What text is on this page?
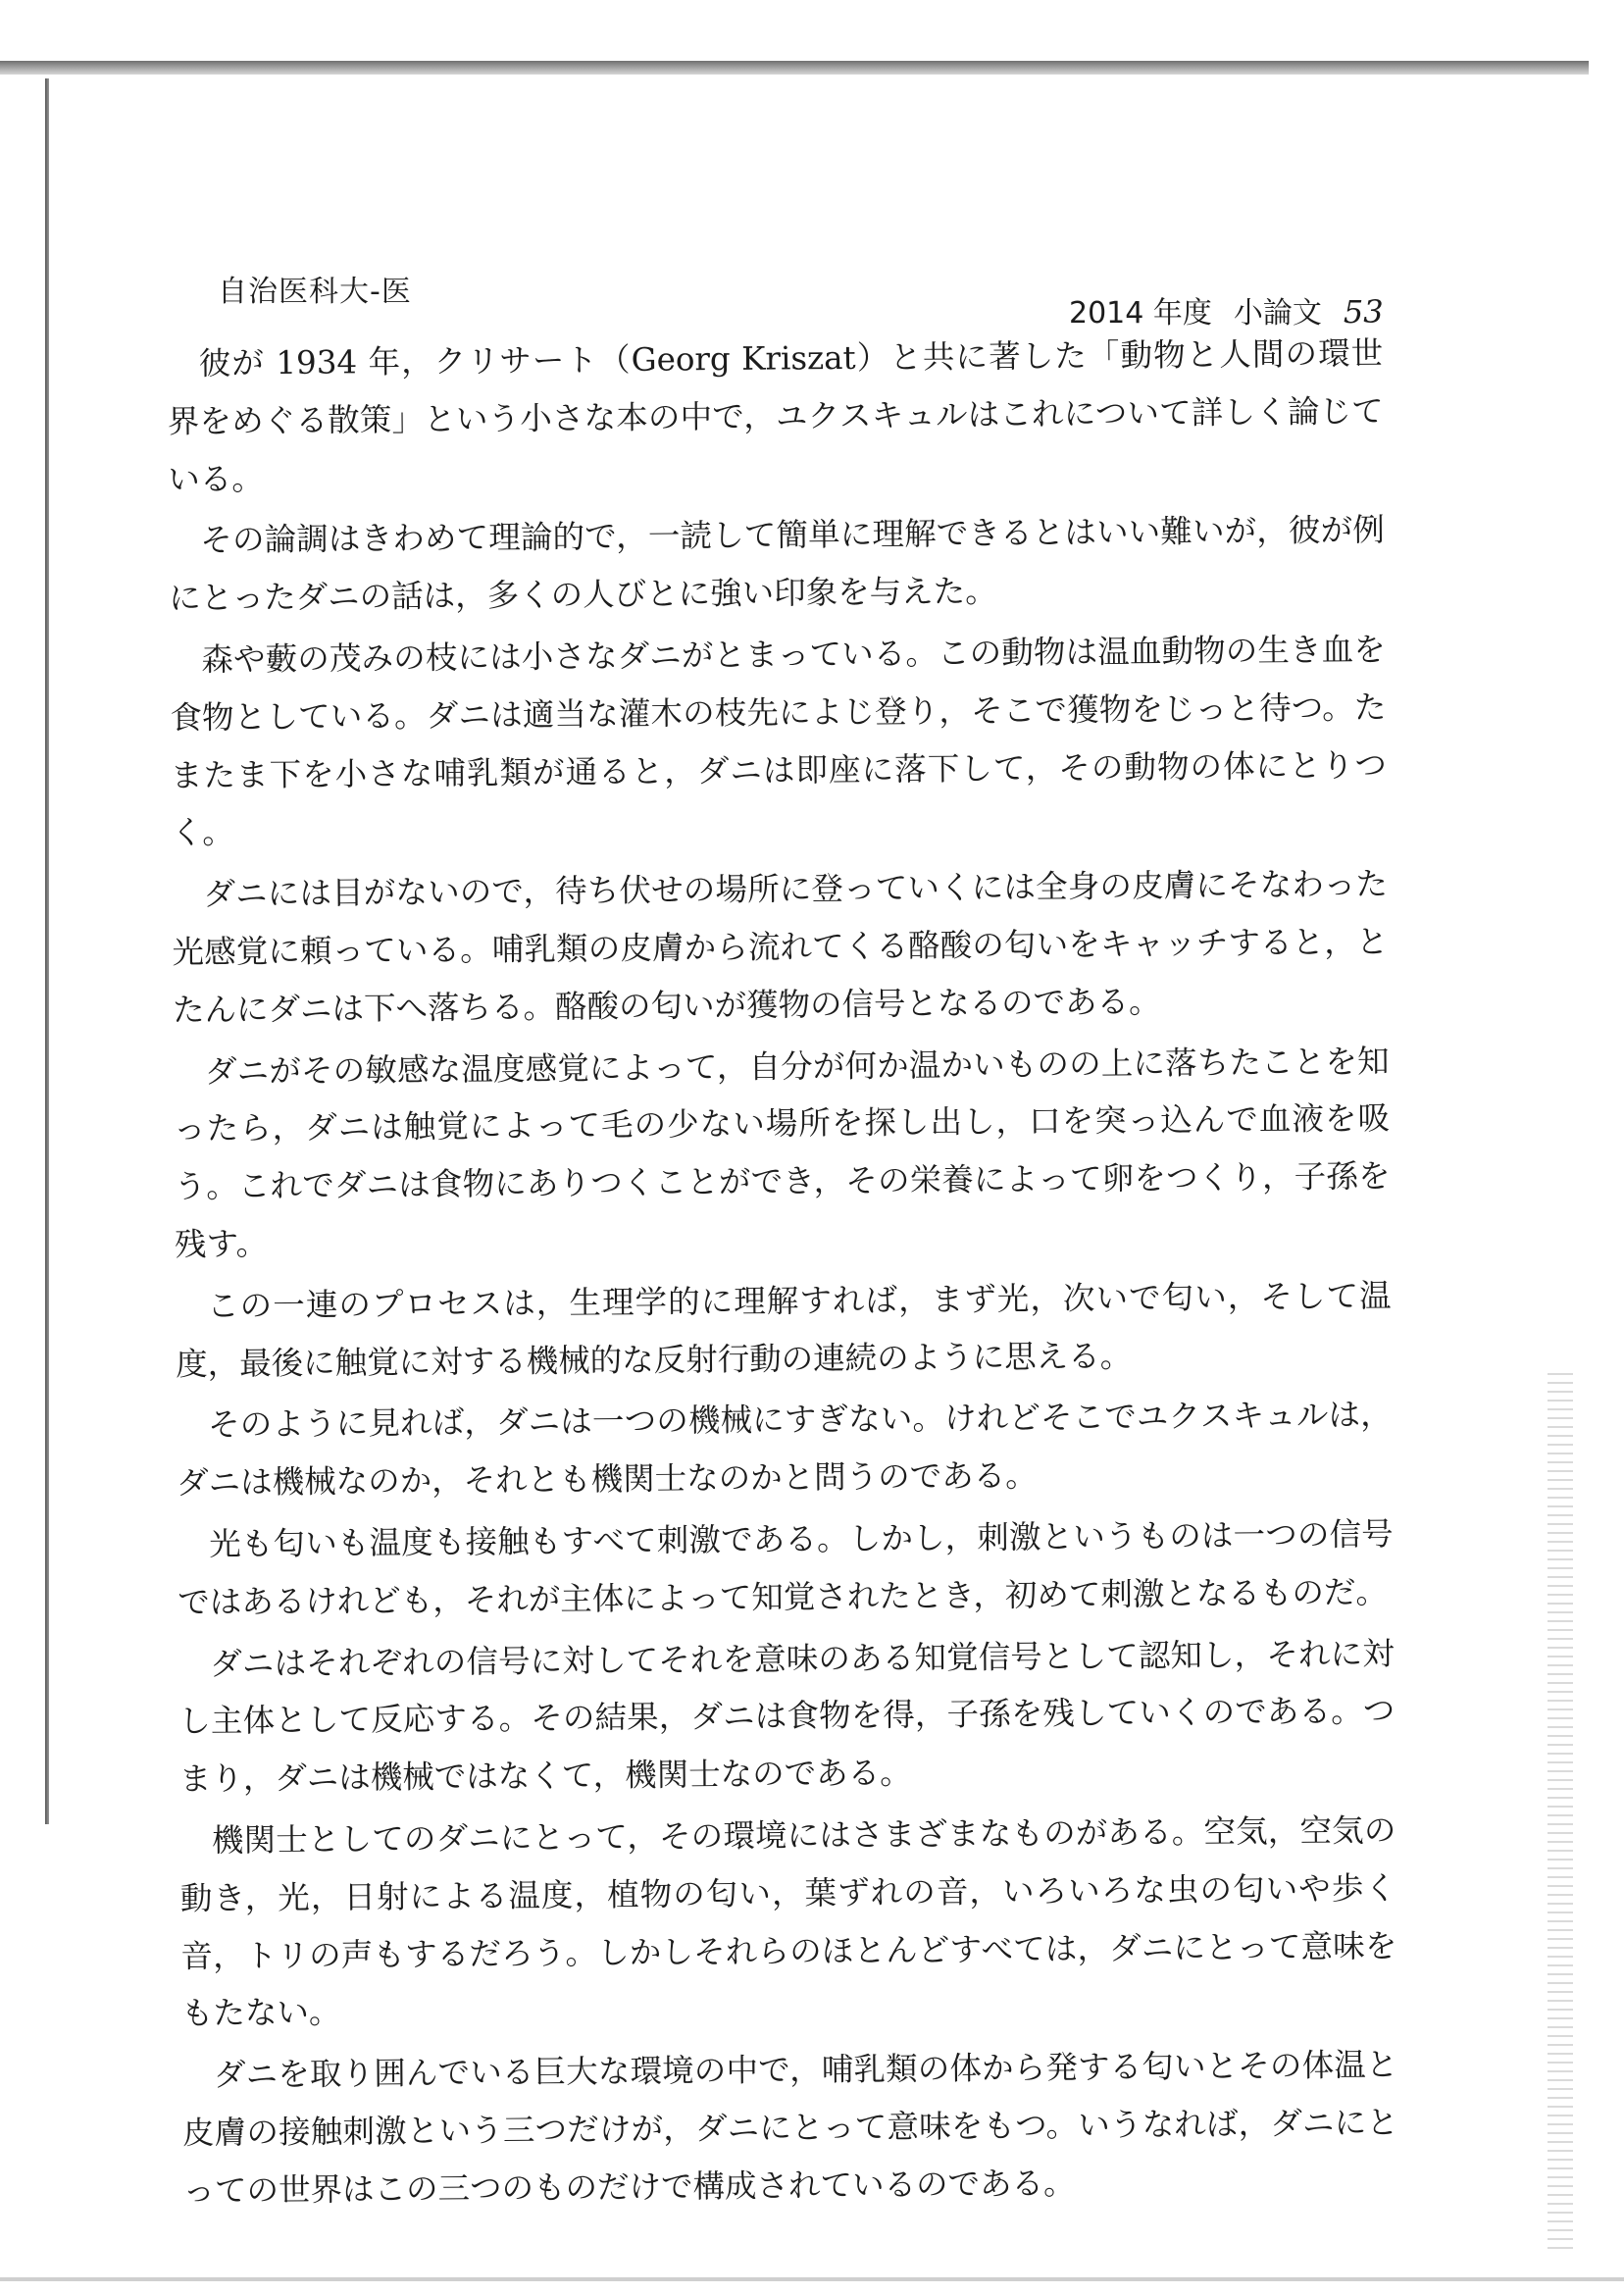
自治医科大-医
2014 年度 小論文 53

彼が 1934 年，クリサート（Georg Kriszat）と共に著した「動物と人間の環世界をめぐる散策」という小さな本の中で，ユクスキュルはこれについて詳しく論じている。

その論調はきわめて理論的で，一読して簡単に理解できるとはいい難いが，彼が例にとったダニの話は，多くの人びとに強い印象を与えた。

森や藪の茂みの枝には小さなダニがとまっている。この動物は温血動物の生き血を食物としている。ダニは適当な灌木の枝先によじ登り，そこで獲物をじっと待つ。たまたま下を小さな哺乳類が通ると，ダニは即座に落下して，その動物の体にとりつく。

ダニには目がないので，待ち伏せの場所に登っていくには全身の皮膚にそなわった光感覚に頼っている。哺乳類の皮膚から流れてくる酪酸の匂いをキャッチすると，とたんにダニは下へ落ちる。酪酸の匂いが獲物の信号となるのである。

ダニがその敏感な温度感覚によって，自分が何か温かいものの上に落ちたことを知ったら，ダニは触覚によって毛の少ない場所を探し出し，口を突っ込んで血液を吸う。これでダニは食物にありつくことができ，その栄養によって卵をつくり，子孫を残す。

この一連のプロセスは，生理学的に理解すれば，まず光，次いで匂い，そして温度，最後に触覚に対する機械的な反射行動の連続のように思える。

そのように見れば，ダニは一つの機械にすぎない。けれどそこでユクスキュルは，ダニは機械なのか，それとも機関士なのかと問うのである。

光も匂いも温度も接触もすべて刺激である。しかし，刺激というものは一つの信号ではあるけれども，それが主体によって知覚されたとき，初めて刺激となるものだ。

ダニはそれぞれの信号に対してそれを意味のある知覚信号として認知し，それに対し主体として反応する。その結果，ダニは食物を得，子孫を残していくのである。つまり，ダニは機械ではなくて，機関士なのである。

機関士としてのダニにとって，その環境にはさまざまなものがある。空気，空気の動き，光，日射による温度，植物の匂い，葉ずれの音，いろいろな虫の匂いや歩く音，トリの声もするだろう。しかしそれらのほとんどすべては，ダニにとって意味をもたない。

ダニを取り囲んでいる巨大な環境の中で，哺乳類の体から発する匂いとその体温と皮膚の接触刺激という三つだけが，ダニにとって意味をもつ。いうなれば，ダニにとっての世界はこの三つのものだけで構成されているのである。
